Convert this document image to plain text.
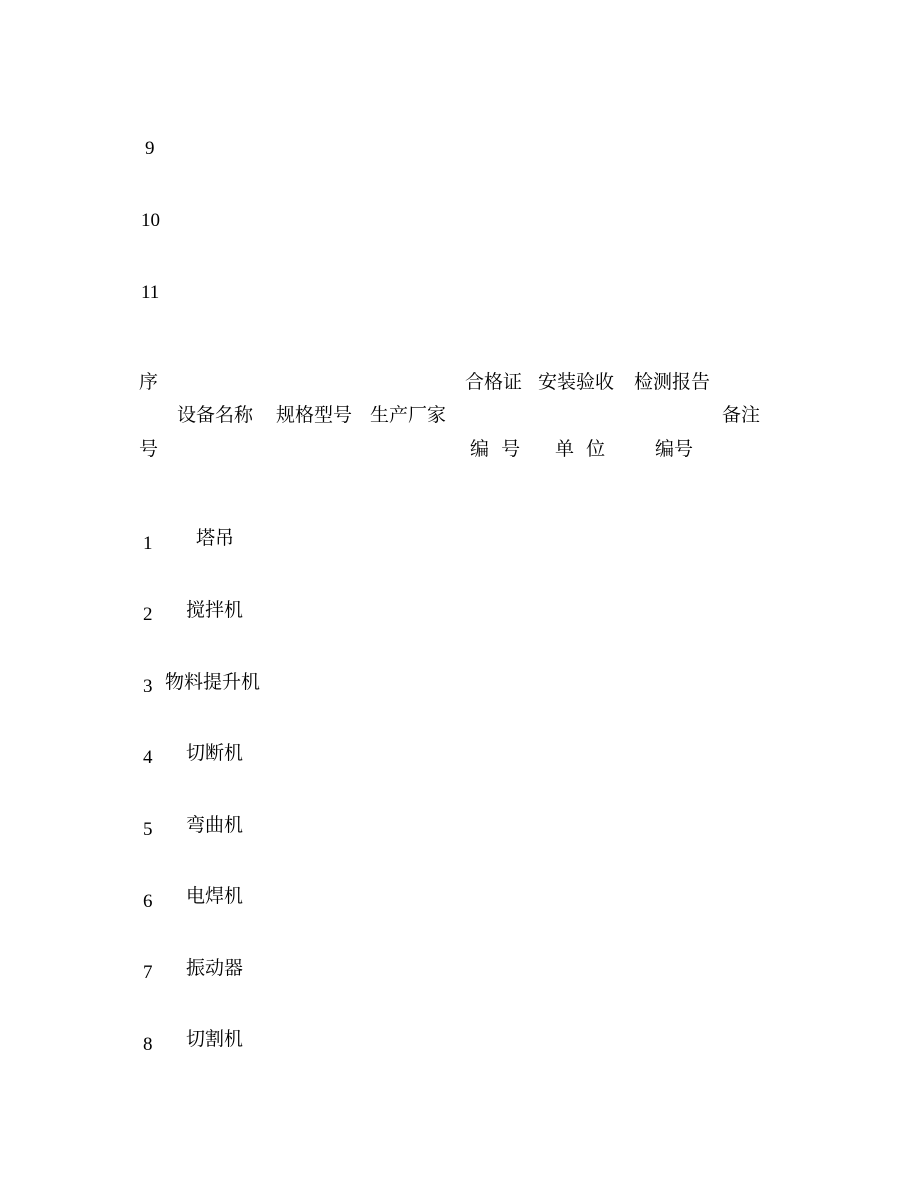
9
10
11
序
号
设备名称 规格型号 生产厂家
合格证
编  号
安装验收
单  位
检测报告
编号
备注
1 塔吊
2 搅拌机
3 物料提升机
4 切断机
5 弯曲机
6 电焊机
7 振动器
8 切割机
